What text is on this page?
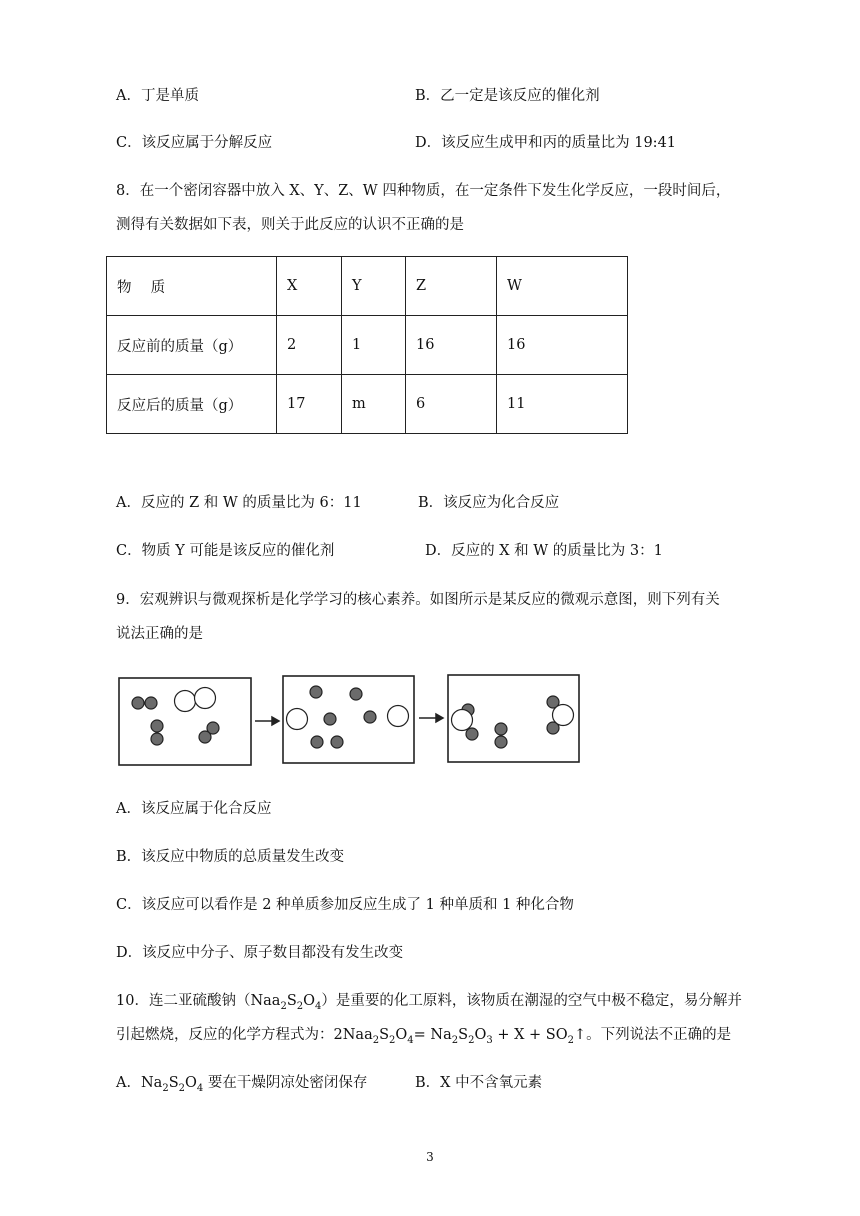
A．丁是单质	B．乙一定是该反应的催化剂
C．该反应属于分解反应	D．该反应生成甲和丙的质量比为 19:41
8．在一个密闭容器中放入 X、Y、Z、W 四种物质，在一定条件下发生化学反应，一段时间后，
测得有关数据如下表，则关于此反应的认识不正确的是
物　 质	X	Y	Z	W
反应前的质量（g）	2	1	16	16
反应后的质量（g）	17	m	6	11
A．反应的 Z 和 W 的质量比为 6：11	B．该反应为化合反应
C．物质 Y 可能是该反应的催化剂	D．反应的 X 和 W 的质量比为 3：1
9．宏观辨识与微观探析是化学学习的核心素养。如图所示是某反应的微观示意图，则下列有关
说法正确的是
A．该反应属于化合反应
B．该反应中物质的总质量发生改变
C．该反应可以看作是 2 种单质参加反应生成了 1 种单质和 1 种化合物
D．该反应中分子、原子数目都没有发生改变
10．连二亚硫酸钠$(Naa_2S_2O_4)$是重要的化工原料，该物质在潮湿的空气中极不稳定，易分解并
引起燃烧，反应的化学方程式为：$2Naa_2S_2O_4= Na_2S_2O_3 + X$ + $SO_2↑$。下列说法不正确的是
A．$Na_2S_2O_4$ 要在干燥阴凉处密闭保存	B．X 中不含氧元素
3
